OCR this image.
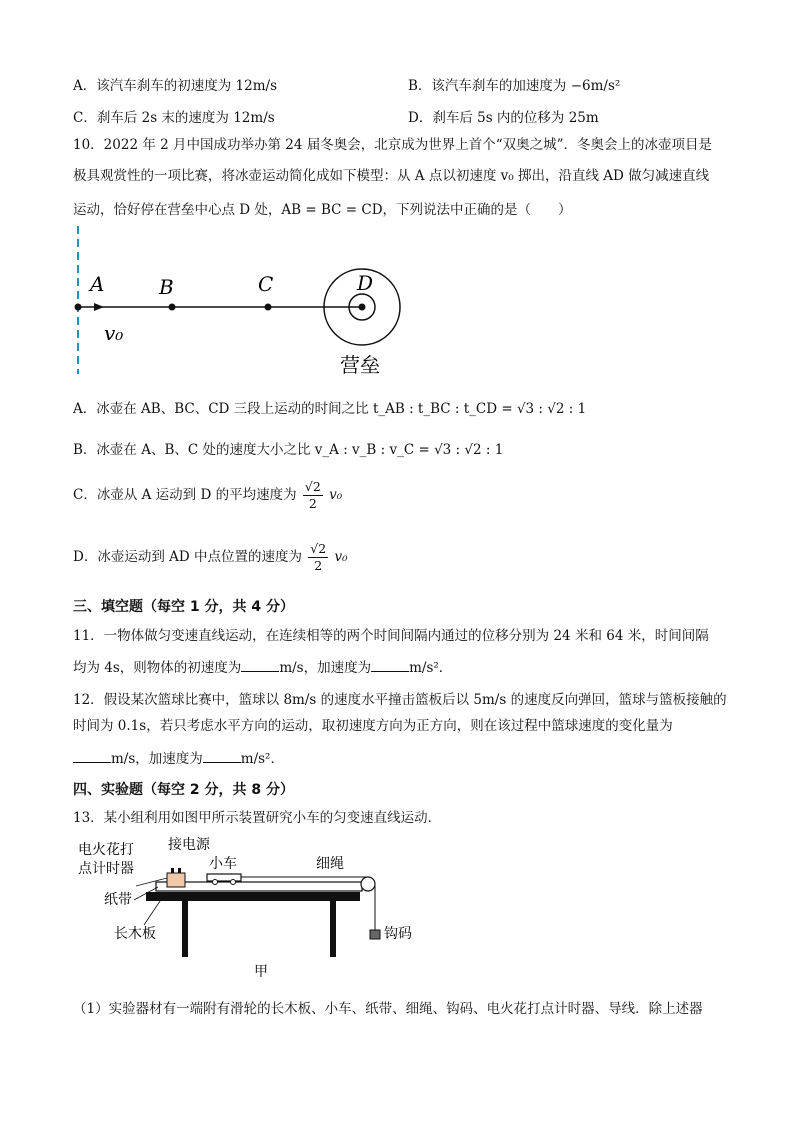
A．该汽车刹车的初速度为 12m/s	B．该汽车刹车的加速度为 −6m/s²
C．刹车后 2s 末的速度为 12m/s	D．刹车后 5s 内的位移为 25m
10．2022 年 2 月中国成功举办第 24 届冬奥会，北京成为世界上首个“双奥之城”．冬奥会上的冰壶项目是
极具观赏性的一项比赛，将冰壶运动简化成如下模型：从 A 点以初速度 v₀ 掷出，沿直线 AD 做匀减速直线
运动，恰好停在营垒中心点 D 处，AB = BC = CD，下列说法中正确的是（　　）
A	B	C	D
v₀
营垒
A．冰壶在 AB、BC、CD 三段上运动的时间之比 t_AB : t_BC : t_CD = √3 : √2 : 1
B．冰壶在 A、B、C 处的速度大小之比 v_A : v_B : v_C = √3 : √2 : 1
C．冰壶从 A 运动到 D 的平均速度为 $\frac{√2}{2} v_0$
D．冰壶运动到 AD 中点位置的速度为 $\frac{√2}{2} v_0$
三、填空题（每空 1 分，共 4 分）
11．一物体做匀变速直线运动，在连续相等的两个时间间隔内通过的位移分别为 24 米和 64 米，时间间隔
均为 4s，则物体的初速度为	m/s，加速度为	m/s²．
12．假设某次篮球比赛中，篮球以 8m/s 的速度水平撞击篮板后以 5m/s 的速度反向弹回，篮球与篮板接触的
时间为 0.1s，若只考虑水平方向的运动，取初速度方向为正方向，则在该过程中篮球速度的变化量为
m/s，加速度为	m/s²．
四、实验题（每空 2 分，共 8 分）
13．某小组利用如图甲所示装置研究小车的匀变速直线运动．
电火花打
点计时器
接电源
小车	细绳
纸带
长木板	钩码
甲
（1）实验器材有一端附有滑轮的长木板、小车、纸带、细绳、钩码、电火花打点计时器、导线．除上述器
